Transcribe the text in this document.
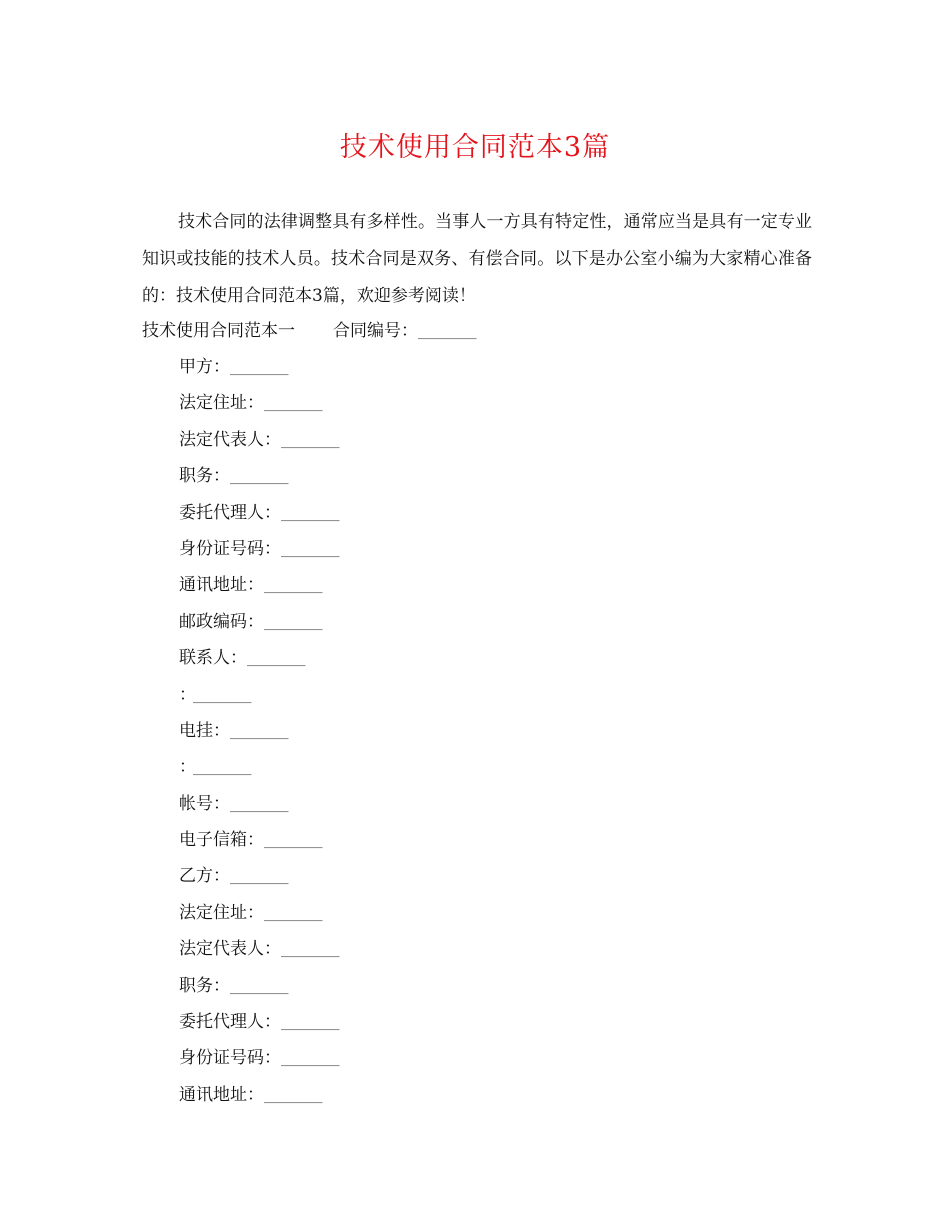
技术使用合同范本3篇

技术合同的法律调整具有多样性。当事人一方具有特定性，通常应当是具有一定专业知识或技能的技术人员。技术合同是双务、有偿合同。以下是办公室小编为大家精心准备的：技术使用合同范本3篇，欢迎参考阅读！

技术使用合同范本一 合同编号：_________
甲方：_________
法定住址：_________
法定代表人：_________
职务：_________
委托代理人：_________
身份证号码：_________
通讯地址：_________
邮政编码：_________
联系人：_________
：_________
电挂：_________
：_________
帐号：_________
电子信箱：_________
乙方：_________
法定住址：_________
法定代表人：_________
职务：_________
委托代理人：_________
身份证号码：_________
通讯地址：_________
